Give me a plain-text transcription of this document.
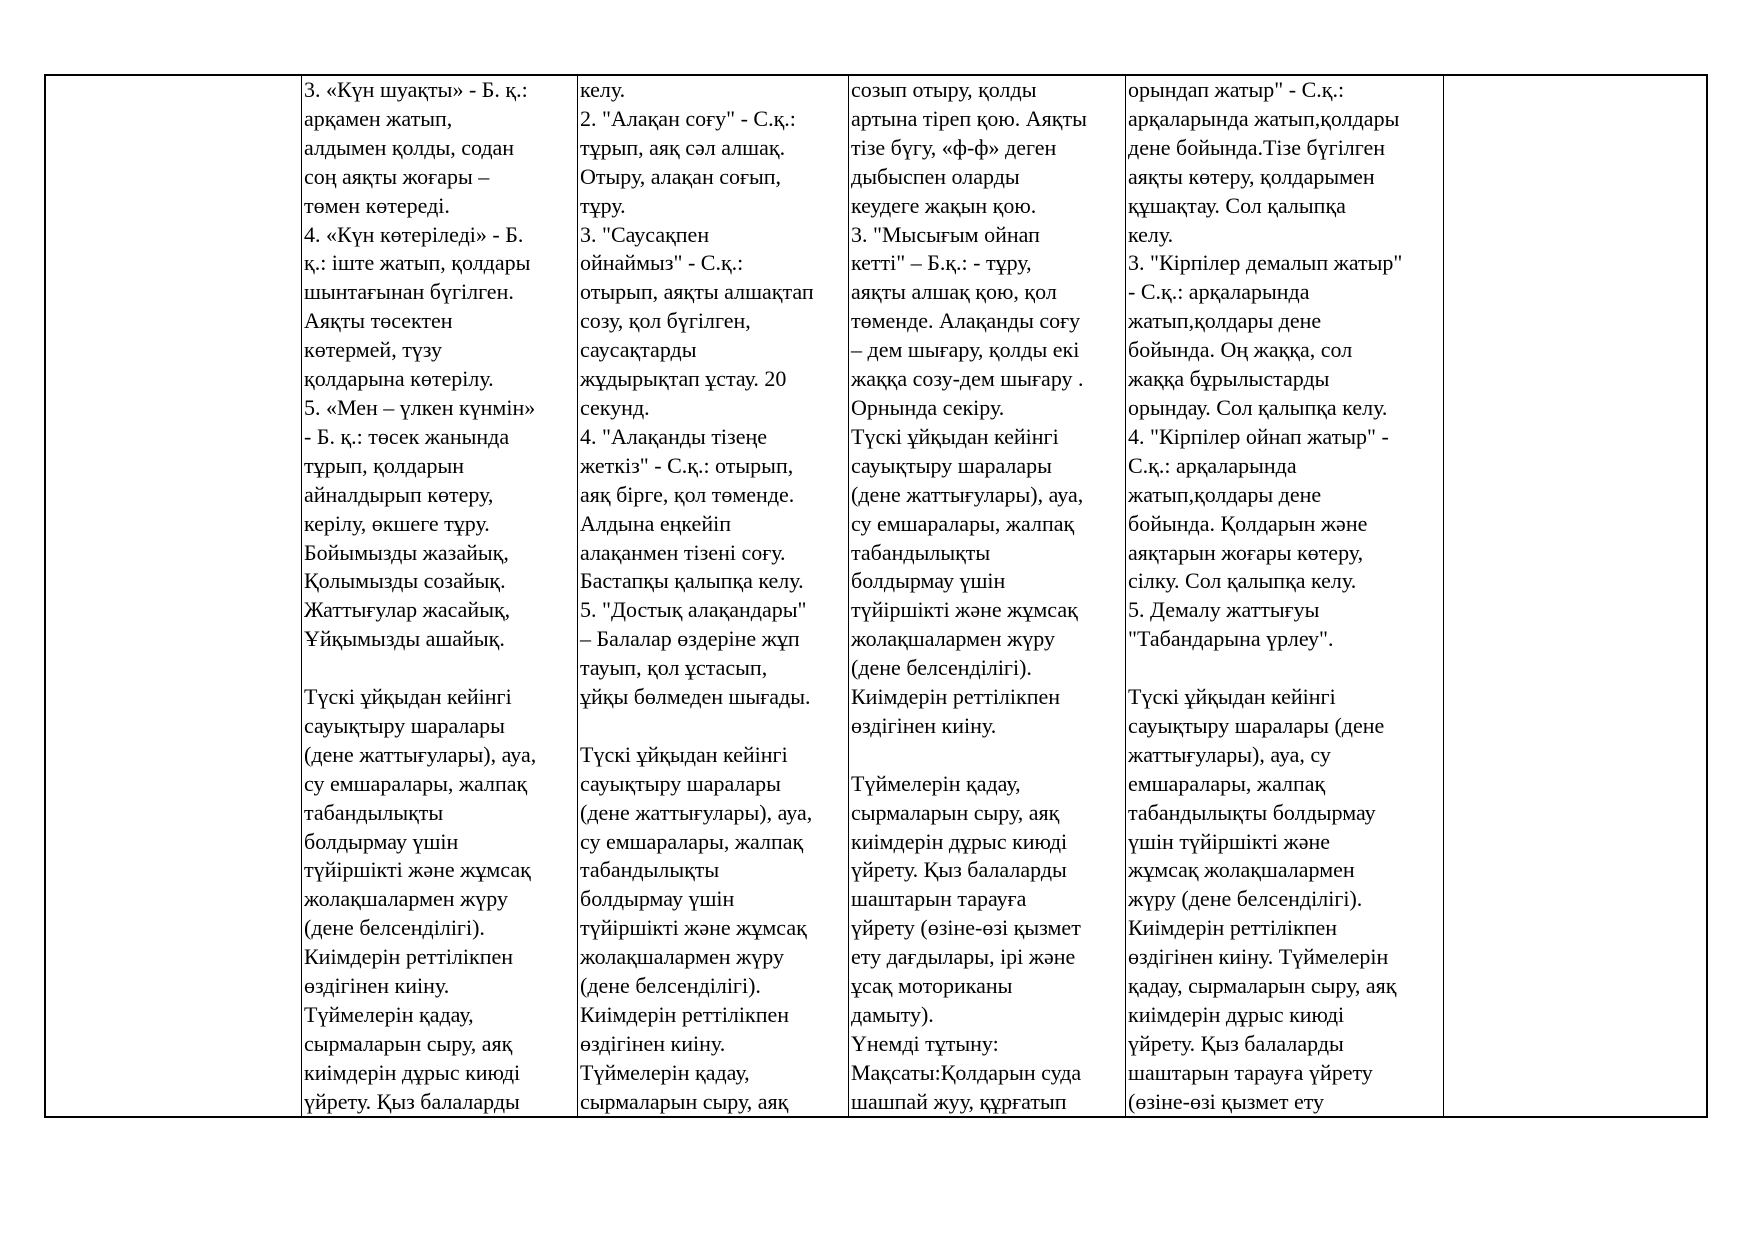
3. «Күн шуақты» - Б. қ.:
арқамен жатып,
алдымен қолды, содан
соң аяқты жоғары –
төмен көтереді.
4. «Күн көтеріледі» - Б.
қ.: іште жатып, қолдары
шынтағынан бүгілген.
Аяқты төсектен
көтермей, түзу
қолдарына көтерілу.
5. «Мен – үлкен күнмін»
- Б. қ.: төсек жанында
тұрып, қолдарын
айналдырып көтеру,
керілу, өкшеге тұру.
Бойымызды жазайық,
Қолымызды созайық.
Жаттығулар жасайық,
Ұйқымызды ашайық.

Түскі ұйқыдан кейінгі
сауықтыру шаралары
(дене жаттығулары), ауа,
су емшаралары, жалпақ
табандылықты
болдырмау үшін
түйіршікті және жұмсақ
жолақшалармен жүру
(дене белсенділігі).
Киімдерін реттілікпен
өздігінен киіну.
Түймелерін қадау,
сырмаларын сыру, аяқ
киімдерін дұрыс киюді
үйрету. Қыз балаларды
келу.
2. "Алақан соғу" - С.қ.:
тұрып, аяқ сәл алшақ.
Отыру, алақан соғып,
тұру.
3. "Саусақпен
ойнаймыз" - С.қ.:
отырып, аяқты алшақтап
созу, қол бүгілген,
саусақтарды
жұдырықтап ұстау. 20
секунд.
4. "Алақанды тізеңе
жеткіз" - С.қ.: отырып,
аяқ бірге, қол төменде.
Алдына еңкейіп
алақанмен тізені соғу.
Бастапқы қалыпқа келу.
5. "Достық алақандары"
– Балалар өздеріне жұп
тауып, қол ұстасып,
ұйқы бөлмеден шығады.

Түскі ұйқыдан кейінгі
сауықтыру шаралары
(дене жаттығулары), ауа,
су емшаралары, жалпақ
табандылықты
болдырмау үшін
түйіршікті және жұмсақ
жолақшалармен жүру
(дене белсенділігі).
Киімдерін реттілікпен
өздігінен киіну.
Түймелерін қадау,
сырмаларын сыру, аяқ
созып отыру, қолды
артына тіреп қою. Аяқты
тізе бүгу, «ф-ф» деген
дыбыспен оларды
кеудеге жақын қою.
3. "Мысығым ойнап
кетті" – Б.қ.: - тұру,
аяқты алшақ қою, қол
төменде. Алақанды соғу
– дем шығару, қолды екі
жаққа созу-дем шығару .
Орнында секіру.
Түскі ұйқыдан кейінгі
сауықтыру шаралары
(дене жаттығулары), ауа,
су емшаралары, жалпақ
табандылықты
болдырмау үшін
түйіршікті және жұмсақ
жолақшалармен жүру
(дене белсенділігі).
Киімдерін реттілікпен
өздігінен киіну.

Түймелерін қадау,
сырмаларын сыру, аяқ
киімдерін дұрыс киюді
үйрету. Қыз балаларды
шаштарын тарауға
үйрету (өзіне-өзі қызмет
ету дағдылары, ірі және
ұсақ моториканы
дамыту).
Үнемді тұтыну:
Мақсаты:Қолдарын суда
шашпай жуу, құрғатып
орындап жатыр" - С.қ.:
арқаларында жатып,қолдары
дене бойында.Тізе бүгілген
аяқты көтеру, қолдарымен
құшақтау. Сол қалыпқа
келу.
3. "Кірпілер демалып жатыр"
- С.қ.: арқаларында
жатып,қолдары дене
бойында. Оң жаққа, сол
жаққа бұрылыстарды
орындау. Сол қалыпқа келу.
4. "Кірпілер ойнап жатыр" -
С.қ.: арқаларында
жатып,қолдары дене
бойында. Қолдарын және
аяқтарын жоғары көтеру,
сілку. Сол қалыпқа келу.
5. Демалу жаттығуы
"Табандарына үрлеу".

Түскі ұйқыдан кейінгі
сауықтыру шаралары (дене
жаттығулары), ауа, су
емшаралары, жалпақ
табандылықты болдырмау
үшін түйіршікті және
жұмсақ жолақшалармен
жүру (дене белсенділігі).
Киімдерін реттілікпен
өздігінен киіну. Түймелерін
қадау, сырмаларын сыру, аяқ
киімдерін дұрыс киюді
үйрету. Қыз балаларды
шаштарын тарауға үйрету
(өзіне-өзі қызмет ету
